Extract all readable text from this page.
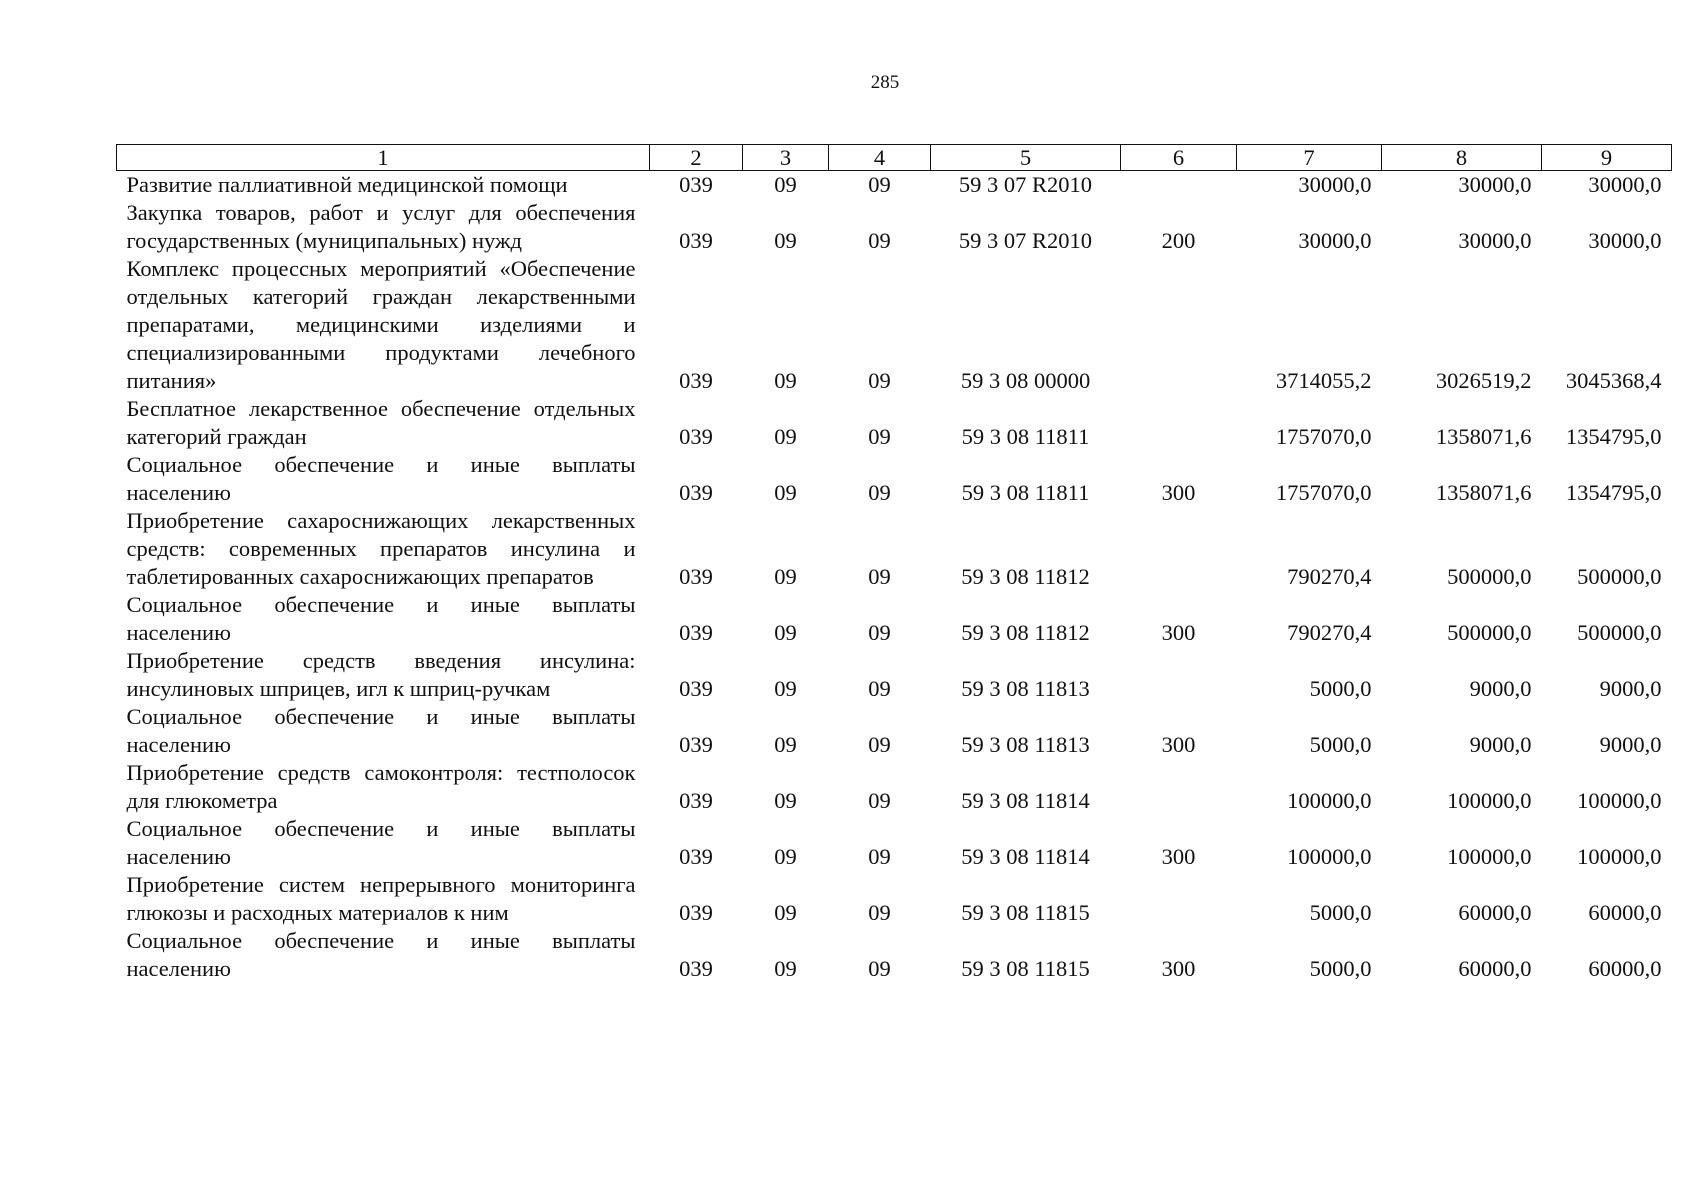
285
1	2	3	4	5	6	7	8	9
Развитие паллиативной медицинской помощи	039	09	09	59 3 07 R2010		30000,0	30000,0	30000,0
Закупка товаров, работ и услуг для обеспечения государственных (муниципальных) нужд	039	09	09	59 3 07 R2010	200	30000,0	30000,0	30000,0
Комплекс процессных мероприятий «Обеспечение отдельных категорий граждан лекарственными препаратами, медицинскими изделиями и специализированными продуктами лечебного питания»	039	09	09	59 3 08 00000		3714055,2	3026519,2	3045368,4
Бесплатное лекарственное обеспечение отдельных категорий граждан	039	09	09	59 3 08 11811		1757070,0	1358071,6	1354795,0
Социальное обеспечение и иные выплаты населению	039	09	09	59 3 08 11811	300	1757070,0	1358071,6	1354795,0
Приобретение сахароснижающих лекарственных средств: современных препаратов инсулина и таблетированных сахароснижающих препаратов	039	09	09	59 3 08 11812		790270,4	500000,0	500000,0
Социальное обеспечение и иные выплаты населению	039	09	09	59 3 08 11812	300	790270,4	500000,0	500000,0
Приобретение средств введения инсулина: инсулиновых шприцев, игл к шприц-ручкам	039	09	09	59 3 08 11813		5000,0	9000,0	9000,0
Социальное обеспечение и иные выплаты населению	039	09	09	59 3 08 11813	300	5000,0	9000,0	9000,0
Приобретение средств самоконтроля: тестполосок для глюкометра	039	09	09	59 3 08 11814		100000,0	100000,0	100000,0
Социальное обеспечение и иные выплаты населению	039	09	09	59 3 08 11814	300	100000,0	100000,0	100000,0
Приобретение систем непрерывного мониторинга глюкозы и расходных материалов к ним	039	09	09	59 3 08 11815		5000,0	60000,0	60000,0
Социальное обеспечение и иные выплаты населению	039	09	09	59 3 08 11815	300	5000,0	60000,0	60000,0
